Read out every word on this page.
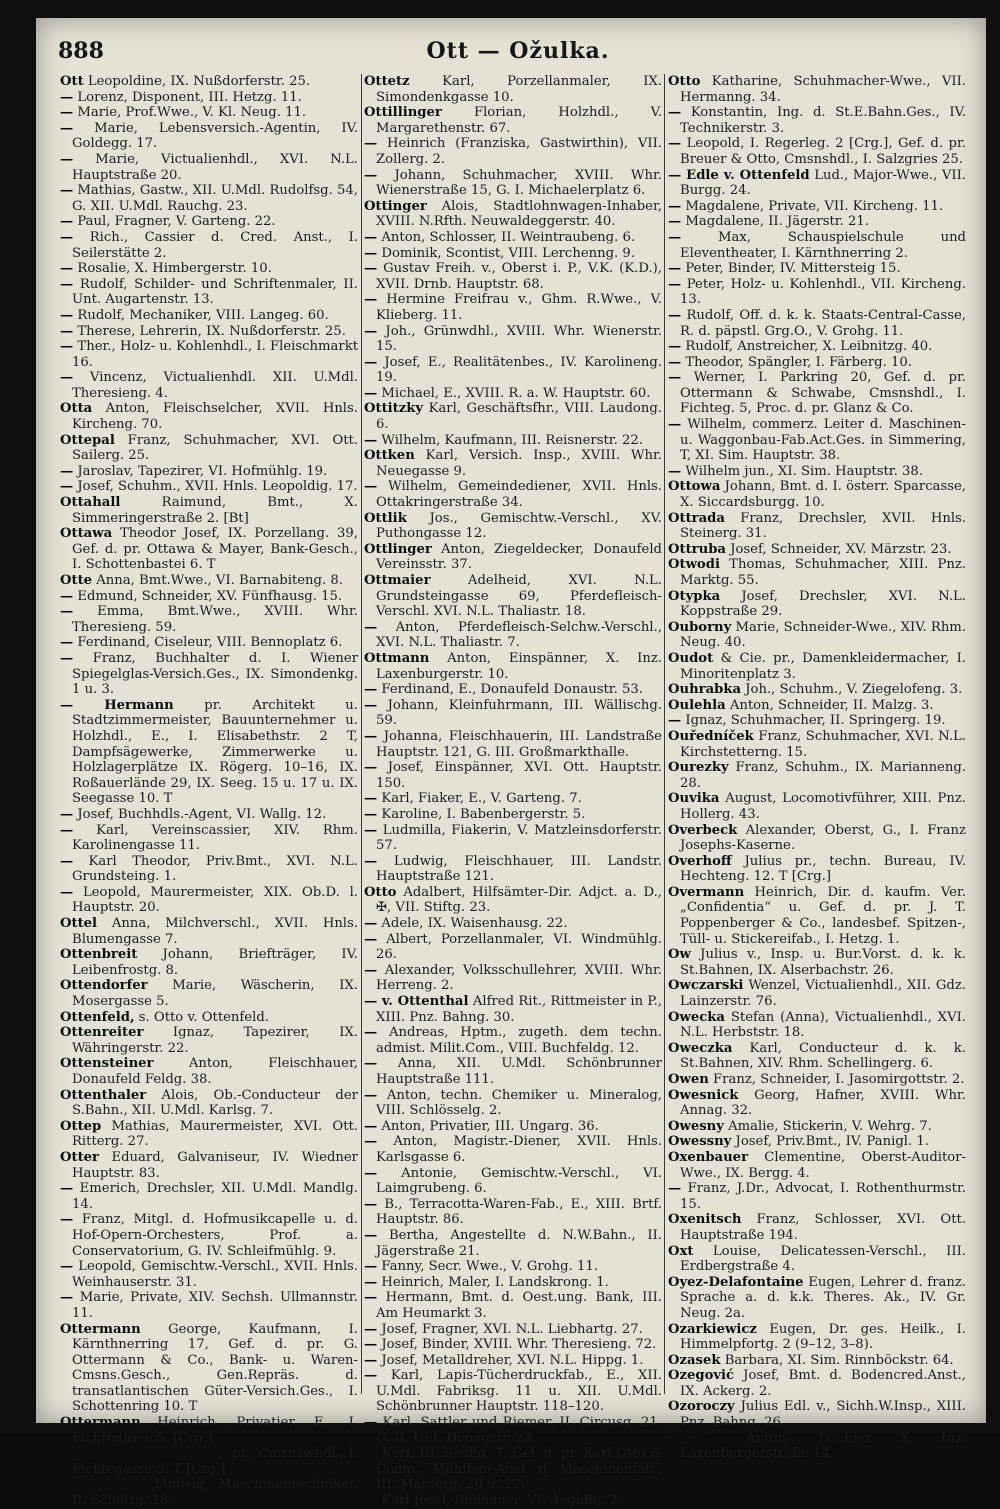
888	Ott — Ožulka.

Ott Leopoldine, IX. Nußdorferstr. 25.

— Lorenz, Disponent, III. Hetzg. 11.

— Marie, Prof.Wwe., V. Kl. Neug. 11.

— Marie, Lebensversich.-Agentin, IV. Goldegg. 17.

— Marie, Victualienhdl., XVI. N.L. Hauptstraße 20.

— Mathias, Gastw., XII. U.Mdl. Rudolfsg. 54, G. XII. U.Mdl. Rauchg. 23.

— Paul, Fragner, V. Garteng. 22.

— Rich., Cassier d. Cred. Anst., I. Seilerstätte 2.

— Rosalie, X. Himbergerstr. 10.

— Rudolf, Schilder- und Schriftenmaler, II. Unt. Augartenstr. 13.

— Rudolf, Mechaniker, VIII. Langeg. 60.

— Therese, Lehrerin, IX. Nußdorferstr. 25.

— Ther., Holz- u. Kohlenhdl., I. Fleischmarkt 16.

— Vincenz, Victualienhdl. XII. U.Mdl. Theresieng. 4.

Otta Anton, Fleischselcher, XVII. Hnls. Kircheng. 70.

Ottepal Franz, Schuhmacher, XVI. Ott. Sailerg. 25.

— Jaroslav, Tapezirer, VI. Hofmühlg. 19.

— Josef, Schuhm., XVII. Hnls. Leopoldig. 17.

Ottahall	Raimund, Bmt., X. Simmeringerstraße 2. [Bt]

Ottawa Theodor Josef, IX. Porzellang. 39, Gef. d. pr. Ottawa & Mayer, Bank-Gesch., I. Schottenbastei 6. T

Otte Anna, Bmt.Wwe., VI. Barnabiteng. 8.

— Edmund, Schneider, XV. Fünfhausg. 15.

— Emma, Bmt.Wwe., XVIII. Whr. Theresieng. 59.

— Ferdinand, Ciseleur, VIII. Bennoplatz 6.

— Franz, Buchhalter d. I. Wiener Spiegelglas-Versich.Ges., IX. Simondenkg. 1 u. 3.

— Hermann pr. Architekt u. Stadtzimmermeister, Bauunternehmer u. Holzhdl., E., I. Elisabethstr. 2 T, Dampfsägewerke, Zimmerwerke u. Holzlagerplätze IX. Rögerg. 10–16, IX. Roßauerlände 29, IX. Seeg. 15 u. 17 u. IX. Seegasse 10. T

— Josef, Buchhdls.-Agent, VI. Wallg. 12.

— Karl, Vereinscassier, XIV. Rhm. Karolinengasse 11.

— Karl Theodor, Priv.Bmt., XVI. N.L. Grundsteing. 1.

— Leopold, Maurermeister, XIX. Ob.D. l. Hauptstr. 20.

Ottel Anna, Milchverschl., XVII. Hnls. Blumengasse 7.

Ottenbreit Johann, Briefträger, IV. Leibenfrostg. 8.

Ottendorfer Marie, Wäscherin, IX. Mosergasse 5.

Ottenfeld, s. Otto v. Ottenfeld.

Ottenreiter Ignaz, Tapezirer, IX. Währingerstr. 22.

Ottensteiner	Anton, Fleischhauer, Donaufeld Feldg. 38.

Ottenthaler Alois, Ob.-Conducteur der S.Bahn., XII. U.Mdl. Karlsg. 7.

Ottep Mathias, Maurermeister, XVI. Ott. Ritterg. 27.

Otter Eduard, Galvaniseur, IV. Wiedner Hauptstr. 83.

— Emerich, Drechsler, XII. U.Mdl. Mandlg. 14.

— Franz, Mitgl. d. Hofmusikcapelle u. d. Hof-Opern-Orchesters, Prof. a. Conservatorium, G. IV. Schleifmühlg. 9.

— Leopold, Gemischtw.-Verschl., XVII. Hnls. Weinhauserstr. 31.

— Marie, Private, XIV. Sechsh. Ullmannstr. 11.

Ottermann George, Kaufmann, I. Kärnthnerring 17, Gef. d. pr. G. Ottermann & Co., Bank- u. Waren-Cmsns.Gesch., Gen.Repräs. d. transatlantischen Güter-Versich.Ges., I. Schottenring 10. T

Ottermann Heinrich, Privatier, E., I. Fichtegasse 5. [Crg.]

Ottermann & Schwabe pr., Cmsnswhdl., I. Fichtegasse 5. T [Crg.]

Ottermayer Ludwig, Maschinentechniker, II. Scholzg. 18.

Ottetz Karl, Porzellanmaler, IX. Simondenkgasse 10.

Ottillinger Florian, Holzhdl., V. Margarethenstr. 67.

— Heinrich (Franziska, Gastwirthin), VII. Zollerg. 2.

— Johann, Schuhmacher, XVIII. Whr. Wienerstraße 15, G. I. Michaelerplatz 6.

Ottinger Alois, Stadtlohnwagen-Inhaber, XVIII. N.Rfth. Neuwaldeggerstr. 40.

— Anton, Schlosser, II. Weintraubeng. 6.

— Dominik, Scontist, VIII. Lerchenng. 9.

— Gustav Freih. v., Oberst i. P., V.K. (K.D.), XVII. Drnb. Hauptstr. 68.

— Hermine Freifrau v., Ghm. R.Wwe., V. Klieberg. 11.

— Joh., Grünwdhl., XVIII. Whr. Wienerstr. 15.

— Josef, E., Realitätenbes., IV. Karolineng. 19.

— Michael, E., XVIII. R. a. W. Hauptstr. 60.

Ottitzky Karl, Geschäftsfhr., VIII. Laudong. 6.

— Wilhelm, Kaufmann, III. Reisnerstr. 22.

Ottken Karl, Versich. Insp., XVIII. Whr. Neuegasse 9.

— Wilhelm, Gemeindediener, XVII. Hnls. Ottakringerstraße 34.

Ottlik Jos., Gemischtw.-Verschl., XV. Puthongasse 12.

Ottlinger Anton, Ziegeldecker, Donaufeld Vereinsstr. 37.

Ottmaier	Adelheid, XVI. N.L. Grundsteingasse 69, Pferdefleisch-Verschl. XVI. N.L. Thaliastr. 18.

— Anton, Pferdefleisch-Selchw.-Verschl., XVI. N.L. Thaliastr. 7.

Ottmann Anton, Einspänner, X. Inz. Laxenburgerstr. 10.

— Ferdinand, E., Donaufeld Donaustr. 53.

— Johann, Kleinfuhrmann, III. Wällischg. 59.

— Johanna, Fleischhauerin, III. Landstraße Hauptstr. 121, G. III. Großmarkthalle.

— Josef, Einspänner, XVI. Ott. Hauptstr. 150.

— Karl, Fiaker, E., V. Garteng. 7.

— Karoline, I. Babenbergerstr. 5.

— Ludmilla, Fiakerin, V. Matzleinsdorferstr. 57.

— Ludwig, Fleischhauer, III. Landstr. Hauptstraße 121.

Otto Adalbert, Hilfsämter-Dir. Adjct. a. D., ✠, VII. Stiftg. 23.

— Adele, IX. Waisenhausg. 22.

— Albert, Porzellanmaler, VI. Windmühlg. 26.

— Alexander, Volksschullehrer, XVIII. Whr. Herreng. 2.

— v. Ottenthal Alfred Rit., Rittmeister in P., XIII. Pnz. Bahng. 30.

— Andreas, Hptm., zugeth. dem techn. admist. Milit.Com., VIII. Buchfeldg. 12.

— Anna, XII. U.Mdl. Schönbrunner Hauptstraße 111.

— Anton, techn. Chemiker u. Mineralog, VIII. Schlösselg. 2.

— Anton, Privatier, III. Ungarg. 36.

— Anton, Magistr.-Diener, XVII. Hnls. Karlsgasse 6.

— Antonie, Gemischtw.-Verschl., VI. Laimgrubeng. 6.

— B., Terracotta-Waren-Fab., E., XIII. Brtf. Hauptstr. 86.

— Bertha, Angestellte d. N.W.Bahn., II. Jägerstraße 21.

— Fanny, Secr. Wwe., V. Grohg. 11.

— Heinrich, Maler, I. Landskrong. 1.

— Hermann, Bmt. d. Oest.ung. Bank, III. Am Heumarkt 3.

— Josef, Fragner, XVI. N.L. Liebhartg. 27.

— Josef, Binder, XVIII. Whr. Theresieng. 72.

— Josef, Metalldreher, XVI. N.L. Hippg. 1.

— Karl, Lapis-Tücherdruckfab., E., XII. U.Mdl. Fabriksg. 11 u. XII. U.Mdl. Schönbrunner Hauptstr. 118–120.

— Karl, Sattler und Riemer, II. Circusg. 21, G. II. Unt. Donaustr. 23.

— Karl, III. Seidlg. 7, Gef. d. pr. Karl Otto & Comp., Mühlbau-Anst. u. Maschinenfab., III. Marxerg. 20 u. 22.

— Karl Josef, Bildhauer, VI. Aegidig. 3.

Otto Katharine, Schuhmacher-Wwe., VII. Hermanng. 34.

— Konstantin, Ing. d. St.E.Bahn.Ges., IV. Technikerstr. 3.

— Leopold, I. Regerleg. 2 [Crg.], Gef. d. pr. Breuer & Otto, Cmsnshdl., I. Salzgries 25.

— Edle v. Ottenfeld Lud., Major-Wwe., VII. Burgg. 24.

— Magdalene, Private, VII. Kircheng. 11.

— Magdalene, II. Jägerstr. 21.

—	Max, Schauspielschule und Eleventheater, I. Kärnthnerring 2.

— Peter, Binder, IV. Mittersteig 15.

— Peter, Holz- u. Kohlenhdl., VII. Kircheng. 13.

— Rudolf, Off. d. k. k. Staats-Central-Casse, R. d. päpstl. Grg.O., V. Grohg. 11.

— Rudolf, Anstreicher, X. Leibnitzg. 40.

— Theodor, Spängler, I. Färberg. 10.

— Werner, I. Parkring 20, Gef. d. pr. Ottermann & Schwabe, Cmsnshdl., I. Fichteg. 5, Proc. d. pr. Glanz & Co.

— Wilhelm, commerz. Leiter d. Maschinen- u. Waggonbau-Fab.Act.Ges. in Simmering, T, XI. Sim. Hauptstr. 38.

— Wilhelm jun., XI. Sim. Hauptstr. 38.

Ottowa Johann, Bmt. d. I. österr. Sparcasse, X. Siccardsburgg. 10.

Ottrada Franz, Drechsler, XVII. Hnls. Steinerg. 31.

Ottruba Josef, Schneider, XV. Märzstr. 23.

Otwodi Thomas, Schuhmacher, XIII. Pnz. Marktg. 55.

Otypka Josef, Drechsler, XVI. N.L. Koppstraße 29.

Ouborny Marie, Schneider-Wwe., XIV. Rhm. Neug. 40.

Oudot & Cie. pr., Damenkleidermacher, I. Minoritenplatz 3.

Ouhrabka Joh., Schuhm., V. Ziegelofeng. 3.

Oulehla Anton, Schneider, II. Malzg. 3.

— Ignaz, Schuhmacher, II. Springerg. 19.

Ouředníček Franz, Schuhmacher, XVI. N.L. Kirchstetterng. 15.

Ourezky Franz, Schuhm., IX. Marianneng. 28.

Ouvika August, Locomotivführer, XIII. Pnz. Hollerg. 43.

Overbeck Alexander, Oberst, G., I. Franz Josephs-Kaserne.

Overhoff Julius pr., techn. Bureau, IV. Hechteng. 12. T [Crg.]

Overmann Heinrich, Dir. d. kaufm. Ver. „Confidentia“ u. Gef. d. pr. J. T. Poppenberger & Co., landesbef. Spitzen-, Tüll- u. Stickereifab., I. Hetzg. 1.

Ow Julius v., Insp. u. Bur.Vorst. d. k. k. St.Bahnen, IX. Alserbachstr. 26.

Owczarski Wenzel, Victualienhdl., XII. Gdz. Lainzerstr. 76.

Owecka Stefan (Anna), Victualienhdl., XVI. N.L. Herbststr. 18.

Oweczka Karl, Conducteur d. k. k. St.Bahnen, XIV. Rhm. Schellingerg. 6.

Owen Franz, Schneider, I. Jasomirgottstr. 2.

Owesnick Georg, Hafner, XVIII. Whr. Annag. 32.

Owesny Amalie, Stickerin, V. Wehrg. 7.

Owessny Josef, Priv.Bmt., IV. Panigl. 1.

Oxenbauer Clementine, Oberst-Auditor-Wwe., IX. Bergg. 4.

— Franz, J.Dr., Advocat, I. Rothenthurmstr. 15.

Oxenitsch Franz, Schlosser, XVI. Ott. Hauptstraße 194.

Oxt Louise, Delicatessen-Verschl., III. Erdbergstraße 4.

Oyez-Delafontaine Eugen, Lehrer d. franz. Sprache a. d. k.k. Theres. Ak., IV. Gr. Neug. 2a.

Ozarkiewicz Eugen, Dr. ges. Heilk., I. Himmelpfortg. 2 (9–12, 3–8).

Ozasek Barbara, XI. Sim. Rinnböckstr. 64.

Ozegović Josef, Bmt. d. Bodencred.Anst., IX. Ackerg. 2.

Ozoroczy Julius Edl. v., Sichh.W.Insp., XIII. Pnz. Bahng. 26.

Ožulka Anton, Tischler, X. Inz. Laxenburgerstraße 14.
